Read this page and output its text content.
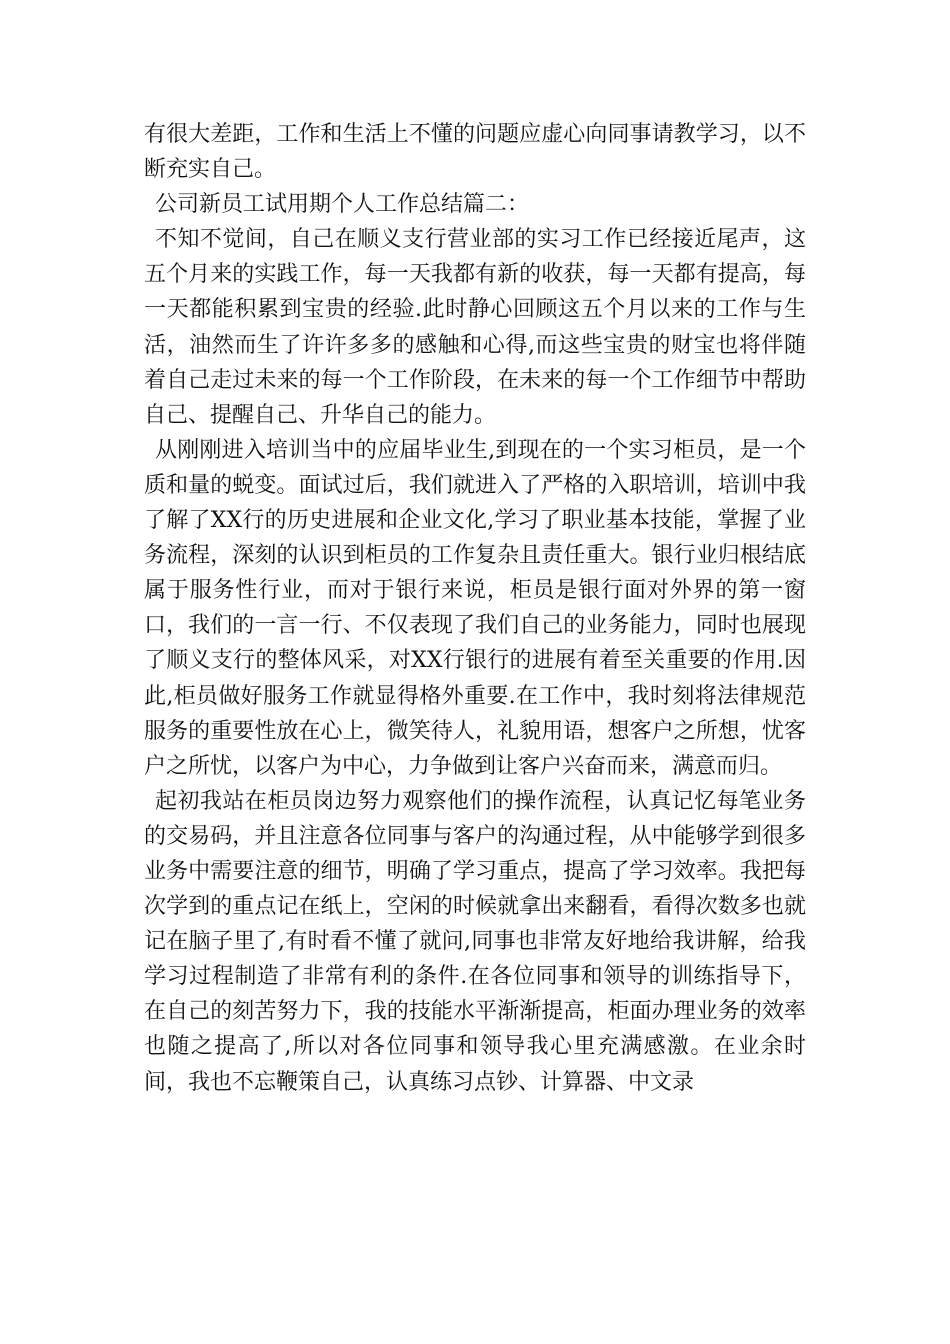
有很大差距，工作和生活上不懂的问题应虚心向同事请教学习，以不断充实自己。

公司新员工试用期个人工作总结篇二：

不知不觉间，自己在顺义支行营业部的实习工作已经接近尾声，这五个月来的实践工作，每一天我都有新的收获，每一天都有提高，每一天都能积累到宝贵的经验.此时静心回顾这五个月以来的工作与生活，油然而生了许许多多的感触和心得,而这些宝贵的财宝也将伴随着自己走过未来的每一个工作阶段，在未来的每一个工作细节中帮助自己、提醒自己、升华自己的能力。

从刚刚进入培训当中的应届毕业生,到现在的一个实习柜员，是一个质和量的蜕变。面试过后，我们就进入了严格的入职培训，培训中我了解了XX行的历史进展和企业文化,学习了职业基本技能，掌握了业务流程，深刻的认识到柜员的工作复杂且责任重大。银行业归根结底属于服务性行业，而对于银行来说，柜员是银行面对外界的第一窗口，我们的一言一行、不仅表现了我们自己的业务能力，同时也展现了顺义支行的整体风采，对XX行银行的进展有着至关重要的作用.因此,柜员做好服务工作就显得格外重要.在工作中，我时刻将法律规范服务的重要性放在心上，微笑待人，礼貌用语，想客户之所想，忧客户之所忧，以客户为中心，力争做到让客户兴奋而来，满意而归。

起初我站在柜员岗边努力观察他们的操作流程，认真记忆每笔业务的交易码，并且注意各位同事与客户的沟通过程，从中能够学到很多业务中需要注意的细节，明确了学习重点，提高了学习效率。我把每次学到的重点记在纸上，空闲的时候就拿出来翻看，看得次数多也就记在脑子里了,有时看不懂了就问,同事也非常友好地给我讲解，给我学习过程制造了非常有利的条件.在各位同事和领导的训练指导下，在自己的刻苦努力下，我的技能水平渐渐提高，柜面办理业务的效率也随之提高了,所以对各位同事和领导我心里充满感激。在业余时间，我也不忘鞭策自己，认真练习点钞、计算器、中文录
